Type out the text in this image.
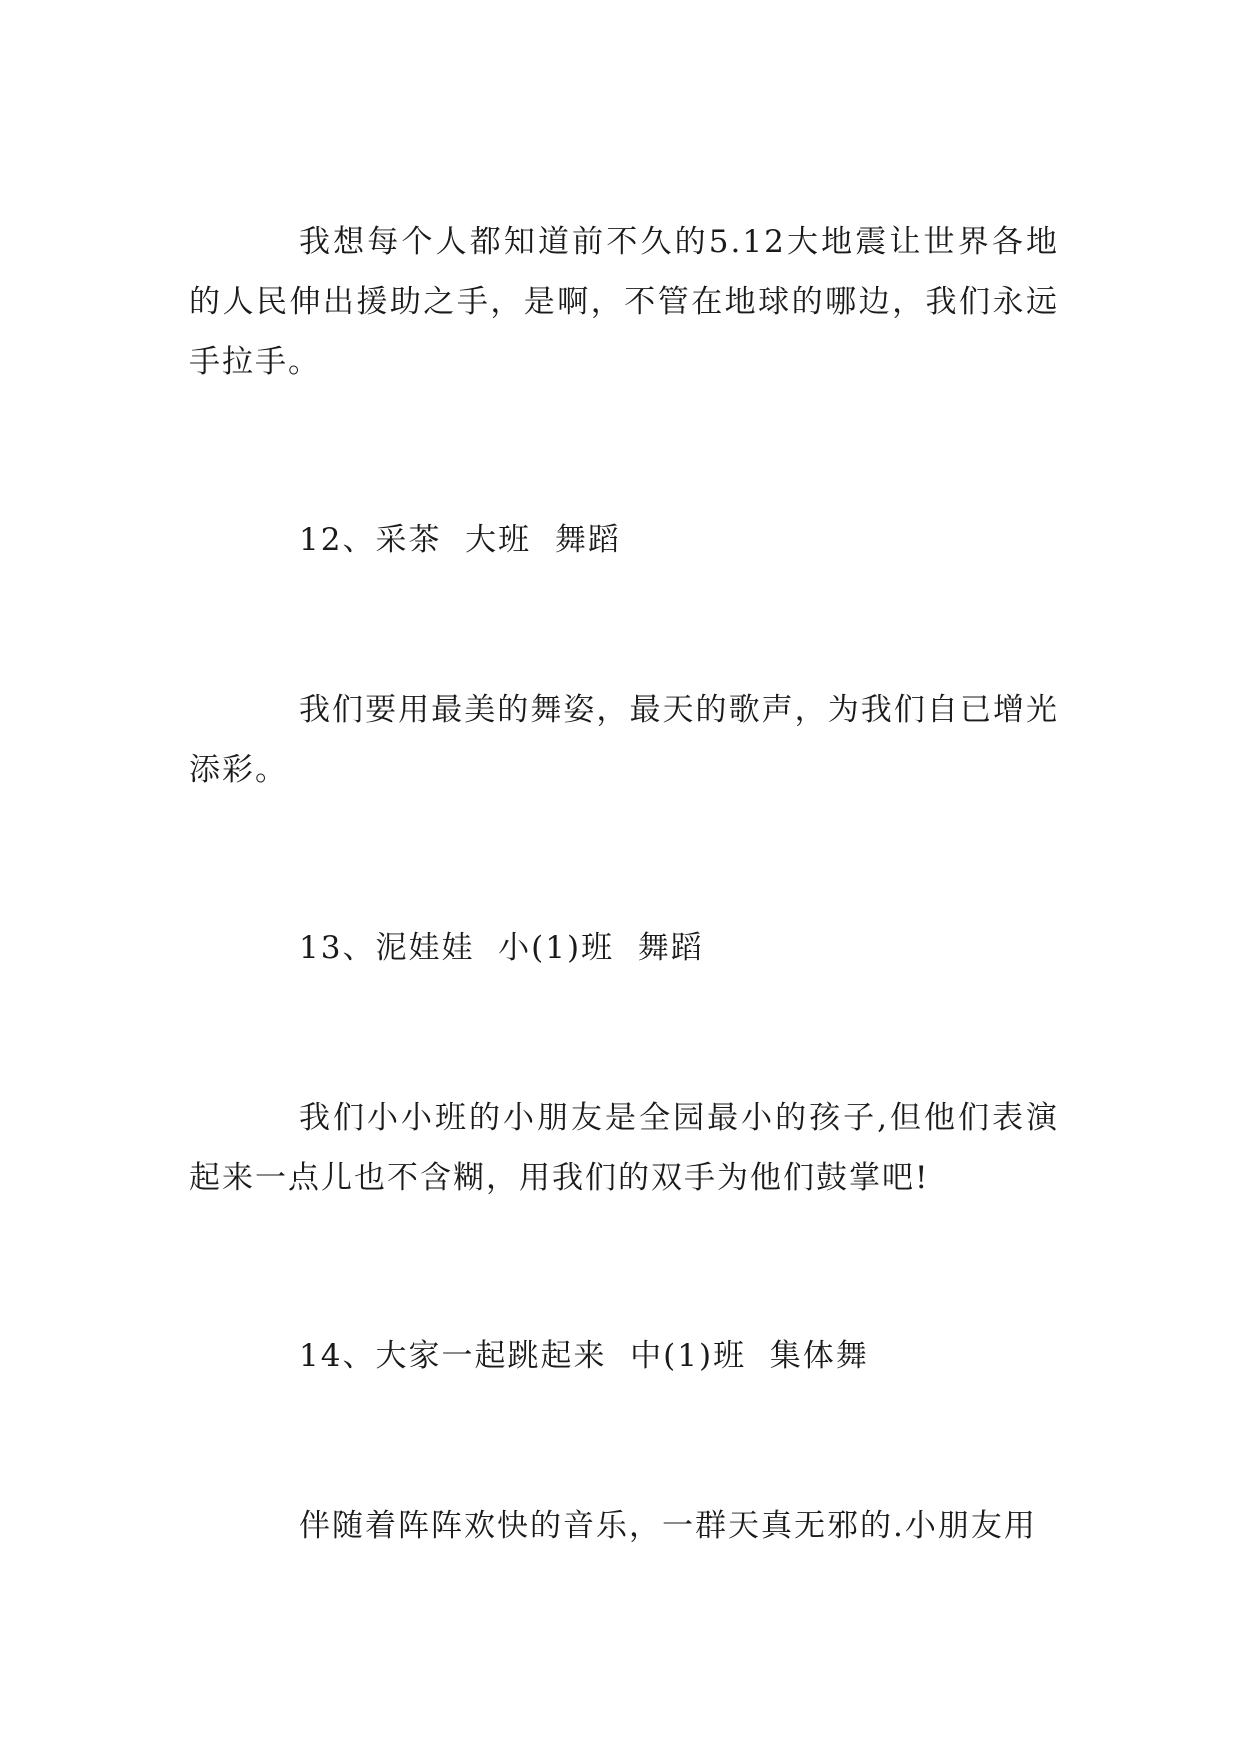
我想每个人都知道前不久的5.12大地震让世界各地的人民伸出援助之手，是啊，不管在地球的哪边，我们永远手拉手。

12、采茶  大班  舞蹈

我们要用最美的舞姿，最天的歌声，为我们自已增光添彩。

13、泥娃娃  小(1)班  舞蹈

我们小小班的小朋友是全园最小的孩子,但他们表演起来一点儿也不含糊，用我们的双手为他们鼓掌吧!

14、大家一起跳起来  中(1)班  集体舞

伴随着阵阵欢快的音乐，一群天真无邪的.小朋友用
